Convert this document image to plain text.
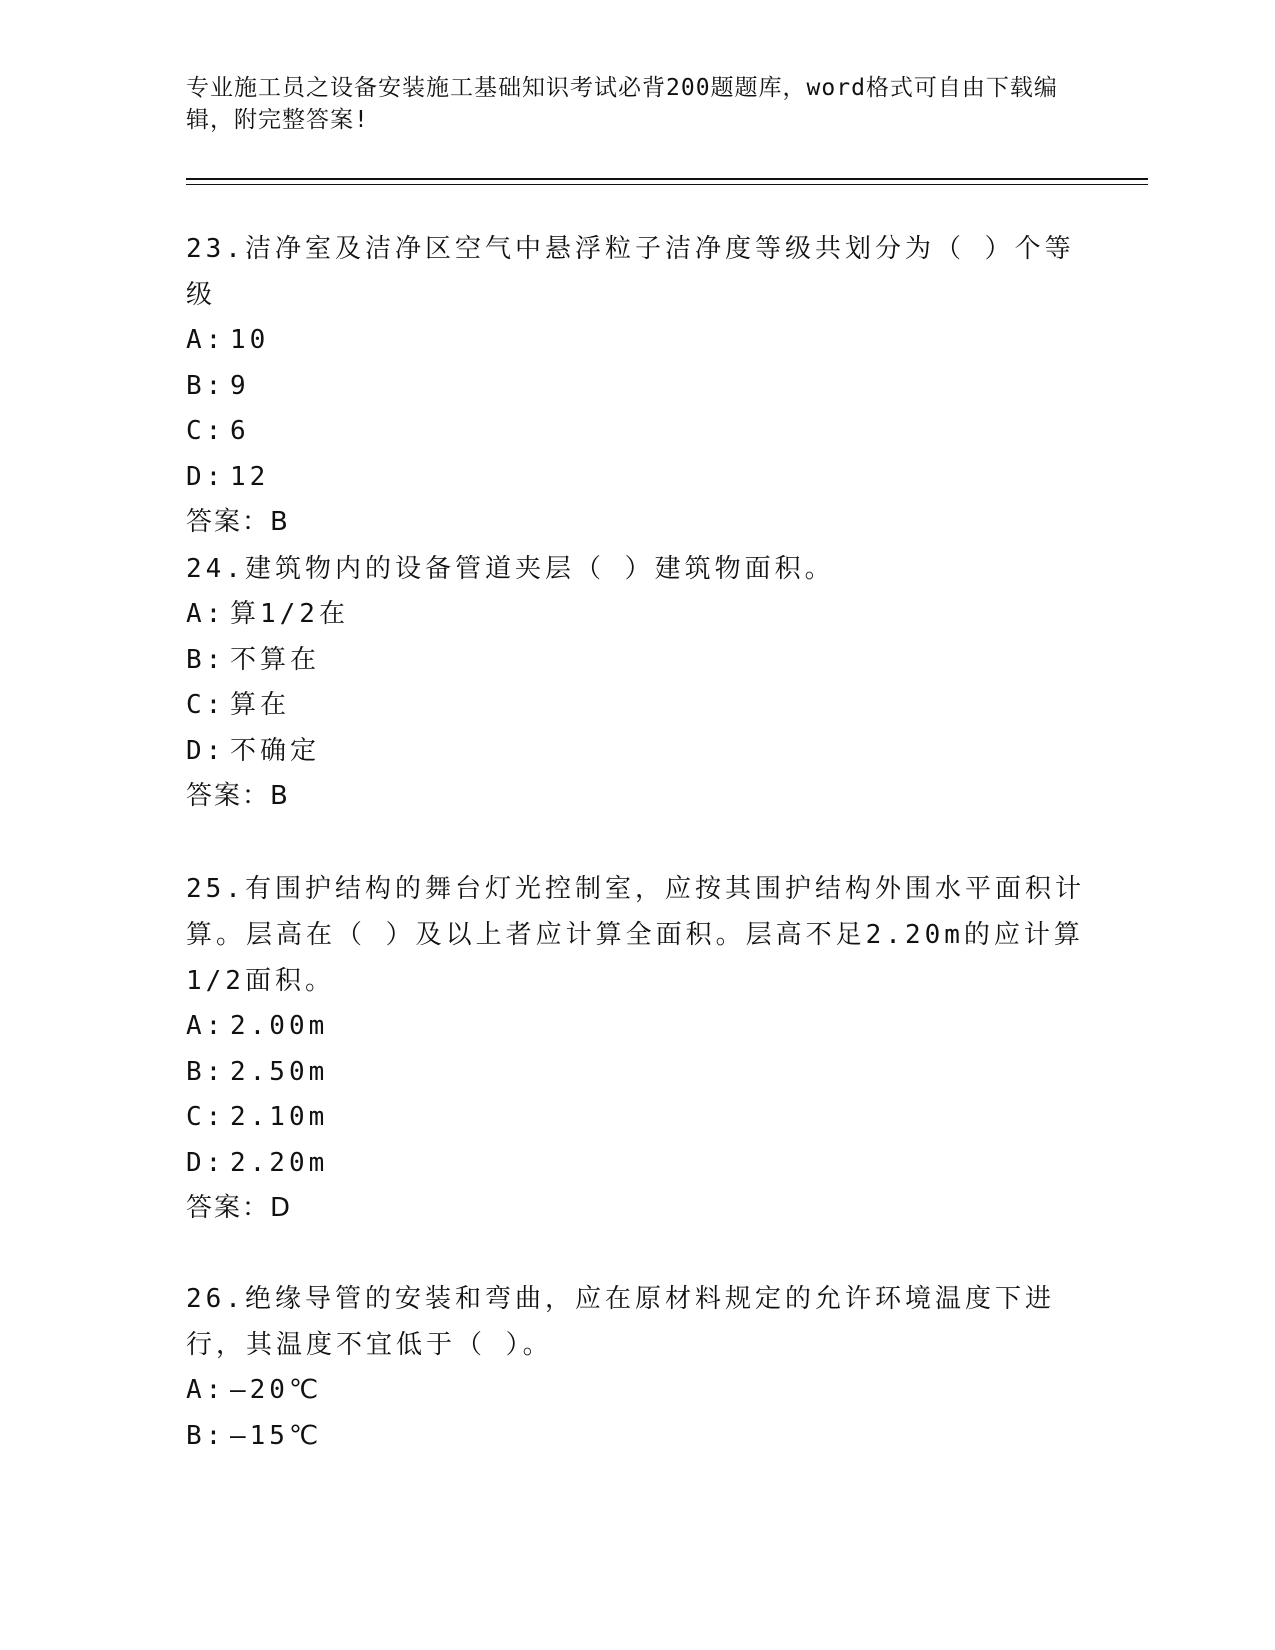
专业施工员之设备安装施工基础知识考试必背200题题库，word格式可自由下载编辑，附完整答案!
23.洁净室及洁净区空气中悬浮粒子洁净度等级共划分为（ ）个等级
A: 10
B: 9
C: 6
D: 12
答案：B
24.建筑物内的设备管道夹层（ ）建筑物面积。
A: 算1/2在
B: 不算在
C: 算在
D: 不确定
答案：B
25.有围护结构的舞台灯光控制室，应按其围护结构外围水平面积计算。层高在（ ）及以上者应计算全面积。层高不足2.20m的应计算1/2面积。
A: 2.00m
B: 2.50m
C: 2.10m
D: 2.20m
答案：D
26.绝缘导管的安装和弯曲，应在原材料规定的允许环境温度下进行，其温度不宜低于（ ）。
A: –20℃
B: –15℃
